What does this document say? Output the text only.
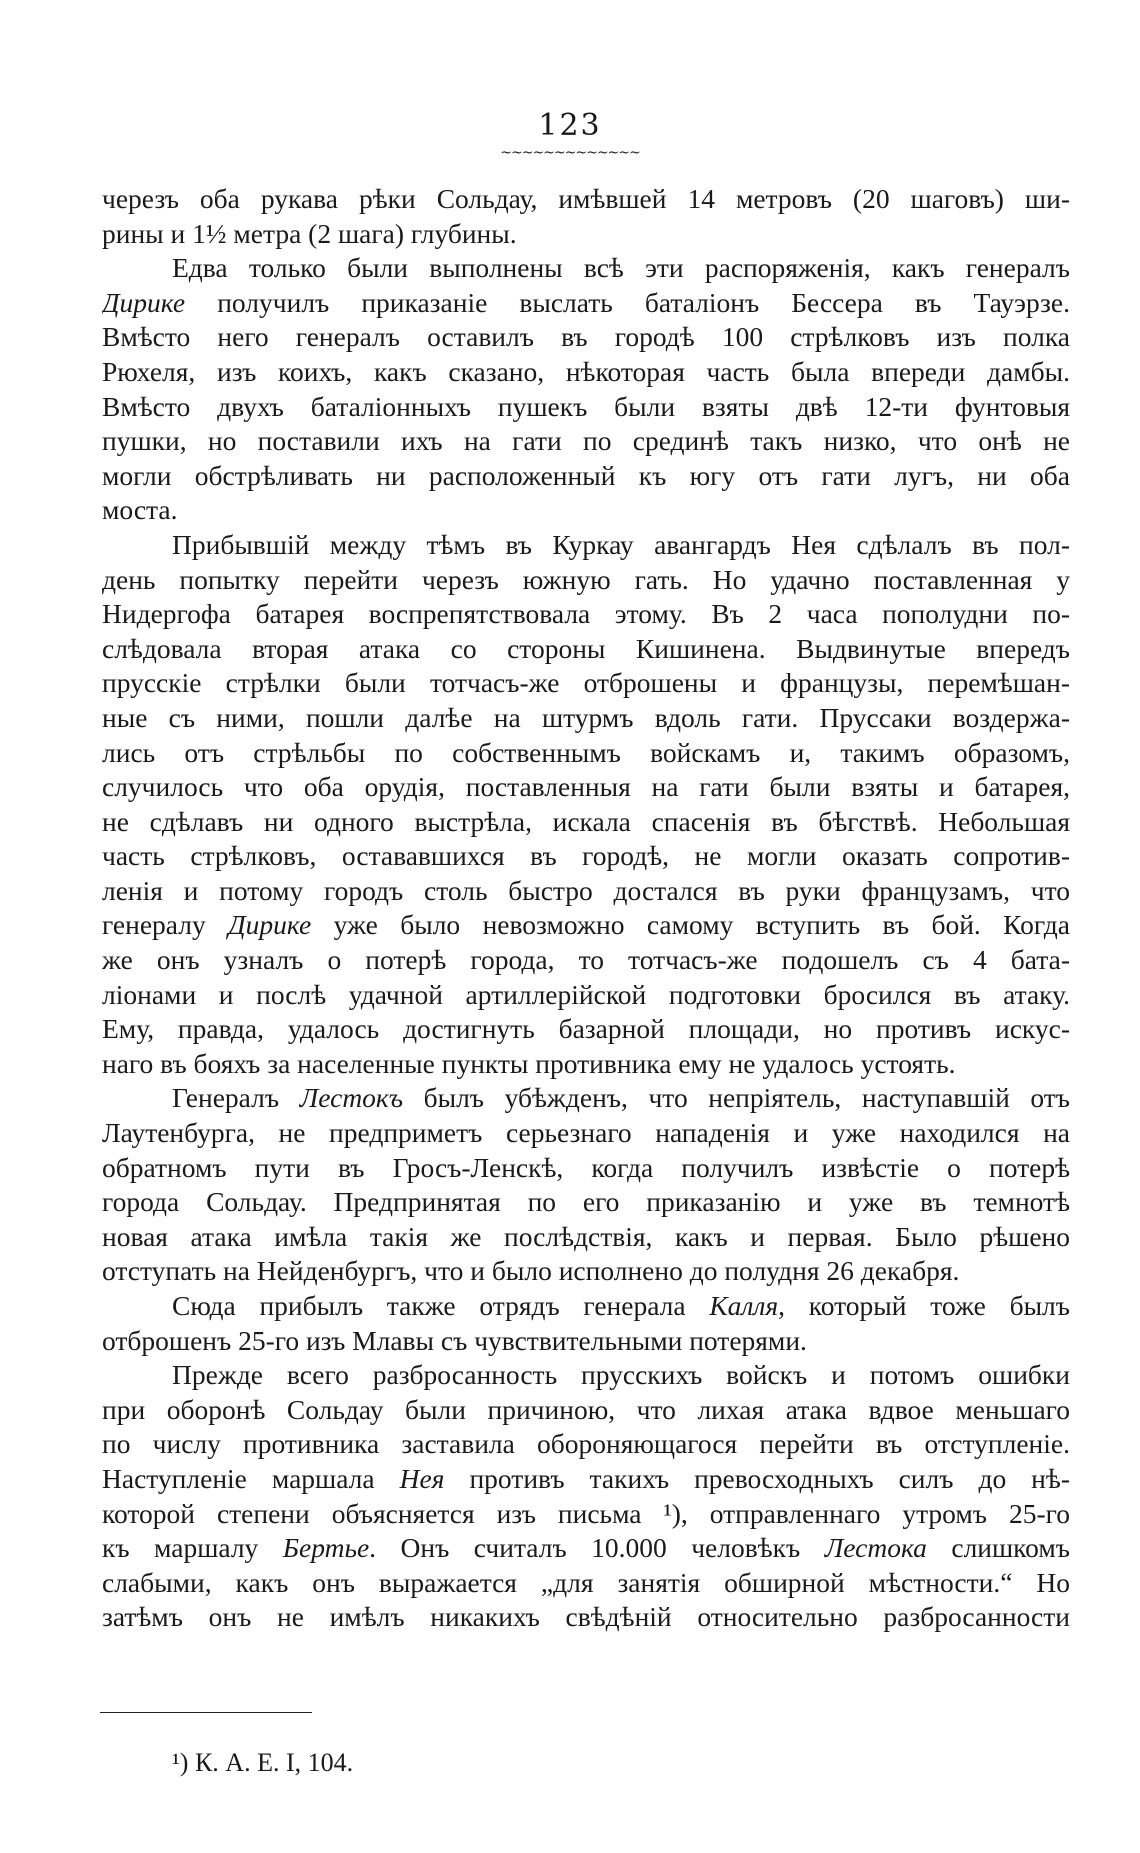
123
~~~~~~~~~~~~~
черезъ оба рукава рѣки Сольдау, имѣвшей 14 метровъ (20 шаговъ) ши-
рины и 1½ метра (2 шага) глубины.
Едва только были выполнены всѣ эти распоряженія, какъ генералъ
Дирике получилъ приказаніе выслать баталіонъ Бессера въ Тауэрзе.
Вмѣсто него генералъ оставилъ въ городѣ 100 стрѣлковъ изъ полка
Рюхеля, изъ коихъ, какъ сказано, нѣкоторая часть была впереди дамбы.
Вмѣсто двухъ баталіонныхъ пушекъ были взяты двѣ 12-ти фунтовыя
пушки, но поставили ихъ на гати по срединѣ такъ низко, что онѣ не
могли обстрѣливать ни расположенный къ югу отъ гати лугъ, ни оба
моста.
Прибывшій между тѣмъ въ Куркау авангардъ Нея сдѣлалъ въ пол-
день попытку перейти черезъ южную гать. Но удачно поставленная у
Нидергофа батарея воспрепятствовала этому. Въ 2 часа пополудни по-
слѣдовала вторая атака со стороны Кишинена. Выдвинутые впередъ
прусскіе стрѣлки были тотчасъ-же отброшены и французы, перемѣшан-
ные съ ними, пошли далѣе на штурмъ вдоль гати. Пруссаки воздержа-
лись отъ стрѣльбы по собственнымъ войскамъ и, такимъ образомъ,
случилось что оба орудія, поставленныя на гати были взяты и батарея,
не сдѣлавъ ни одного выстрѣла, искала спасенія въ бѣгствѣ. Небольшая
часть стрѣлковъ, остававшихся въ городѣ, не могли оказать сопротив-
ленія и потому городъ столь быстро достался въ руки французамъ, что
генералу Дирике уже было невозможно самому вступить въ бой. Когда
же онъ узналъ о потерѣ города, то тотчасъ-же подошелъ съ 4 бата-
ліонами и послѣ удачной артиллерійской подготовки бросился въ атаку.
Ему, правда, удалось достигнуть базарной площади, но противъ искус-
наго въ бояхъ за населенные пункты противника ему не удалось устоять.
Генералъ Лестокъ былъ убѣжденъ, что непріятель, наступавшій отъ
Лаутенбурга, не предприметъ серьезнаго нападенія и уже находился на
обратномъ пути въ Гросъ-Ленскѣ, когда получилъ извѣстіе о потерѣ
города Сольдау. Предпринятая по его приказанію и уже въ темнотѣ
новая атака имѣла такія же послѣдствія, какъ и первая. Было рѣшено
отступать на Нейденбургъ, что и было исполнено до полудня 26 декабря.
Сюда прибылъ также отрядъ генерала Калля, который тоже былъ
отброшенъ 25-го изъ Млавы съ чувствительными потерями.
Прежде всего разбросанность прусскихъ войскъ и потомъ ошибки
при оборонѣ Сольдау были причиною, что лихая атака вдвое меньшаго
по числу противника заставила обороняющагося перейти въ отступленіе.
Наступленіе маршала Нея противъ такихъ превосходныхъ силъ до нѣ-
которой степени объясняется изъ письма ¹), отправленнаго утромъ 25-го
къ маршалу Бертье. Онъ считалъ 10.000 человѣкъ Лестока слишкомъ
слабыми, какъ онъ выражается „для занятія обширной мѣстности.“ Но
затѣмъ онъ не имѣлъ никакихъ свѣдѣній относительно разбросанности
¹) К. А. Е. I, 104.
